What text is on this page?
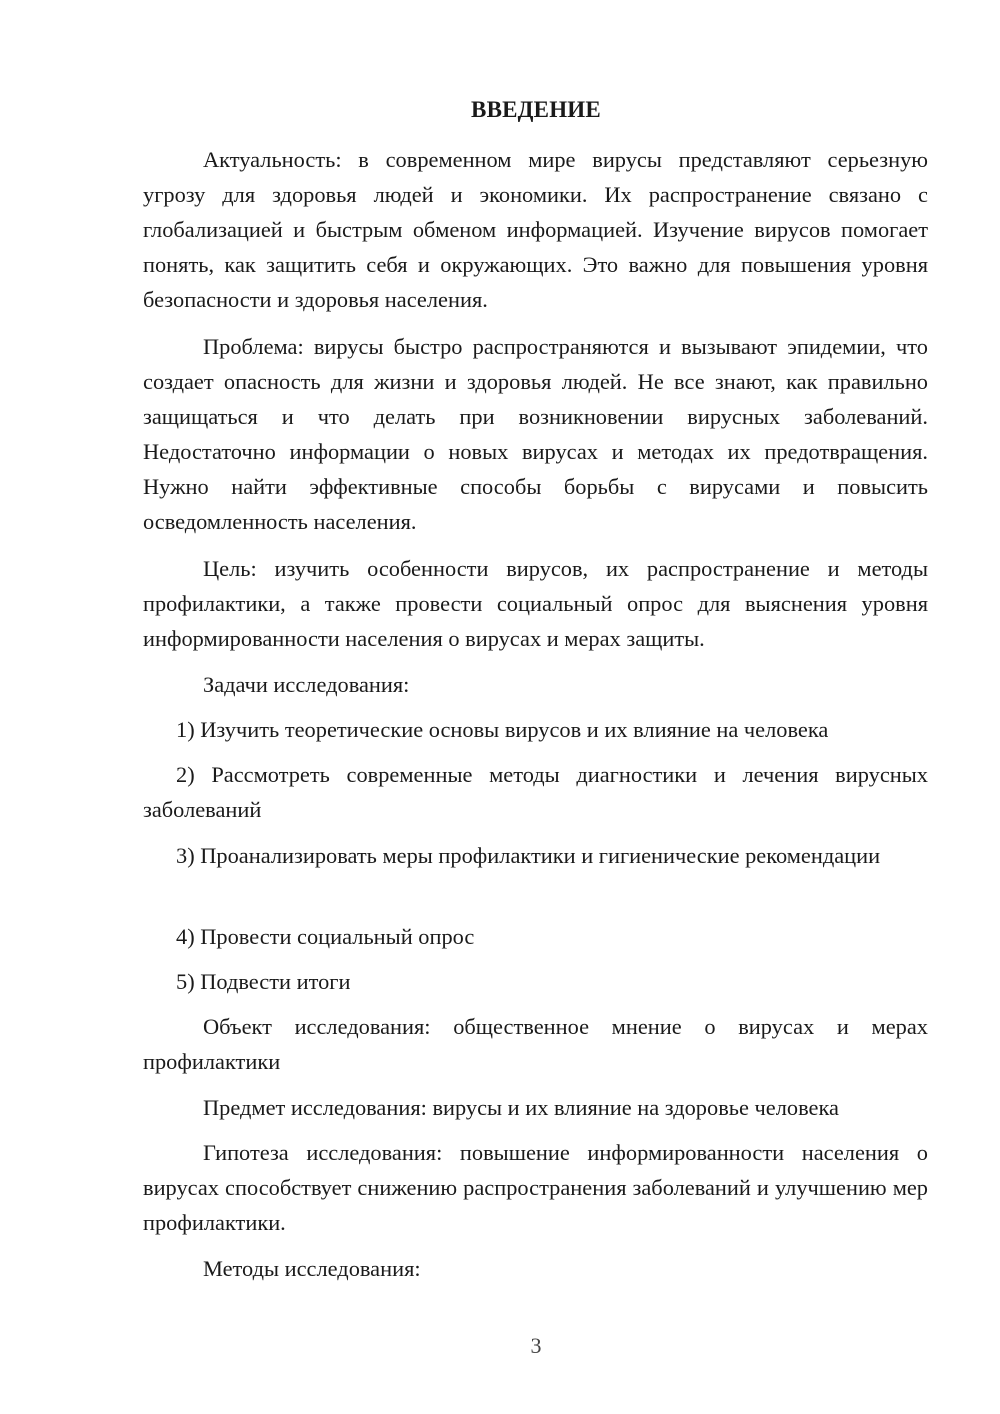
ВВЕДЕНИЕ

Актуальность: в современном мире вирусы представляют серьезную угрозу для здоровья людей и экономики. Их распространение связано с глобализацией и быстрым обменом информацией. Изучение вирусов помогает понять, как защитить себя и окружающих. Это важно для повышения уровня безопасности и здоровья населения.

Проблема: вирусы быстро распространяются и вызывают эпидемии, что создает опасность для жизни и здоровья людей. Не все знают, как правильно защищаться и что делать при возникновении вирусных заболеваний. Недостаточно информации о новых вирусах и методах их предотвращения. Нужно найти эффективные способы борьбы с вирусами и повысить осведомленность населения.

Цель: изучить особенности вирусов, их распространение и методы профилактики, а также провести социальный опрос для выяснения уровня информированности населения о вирусах и мерах защиты.

Задачи исследования:

1) Изучить теоретические основы вирусов и их влияние на человека

2) Рассмотреть современные методы диагностики и лечения вирусных заболеваний

3) Проанализировать меры профилактики и гигиенические рекомендации

4) Провести социальный опрос

5) Подвести итоги

Объект исследования: общественное мнение о вирусах и мерах профилактики

Предмет исследования: вирусы и их влияние на здоровье человека

Гипотеза исследования: повышение информированности населения о вирусах способствует снижению распространения заболеваний и улучшению мер профилактики.

Методы исследования:

3
